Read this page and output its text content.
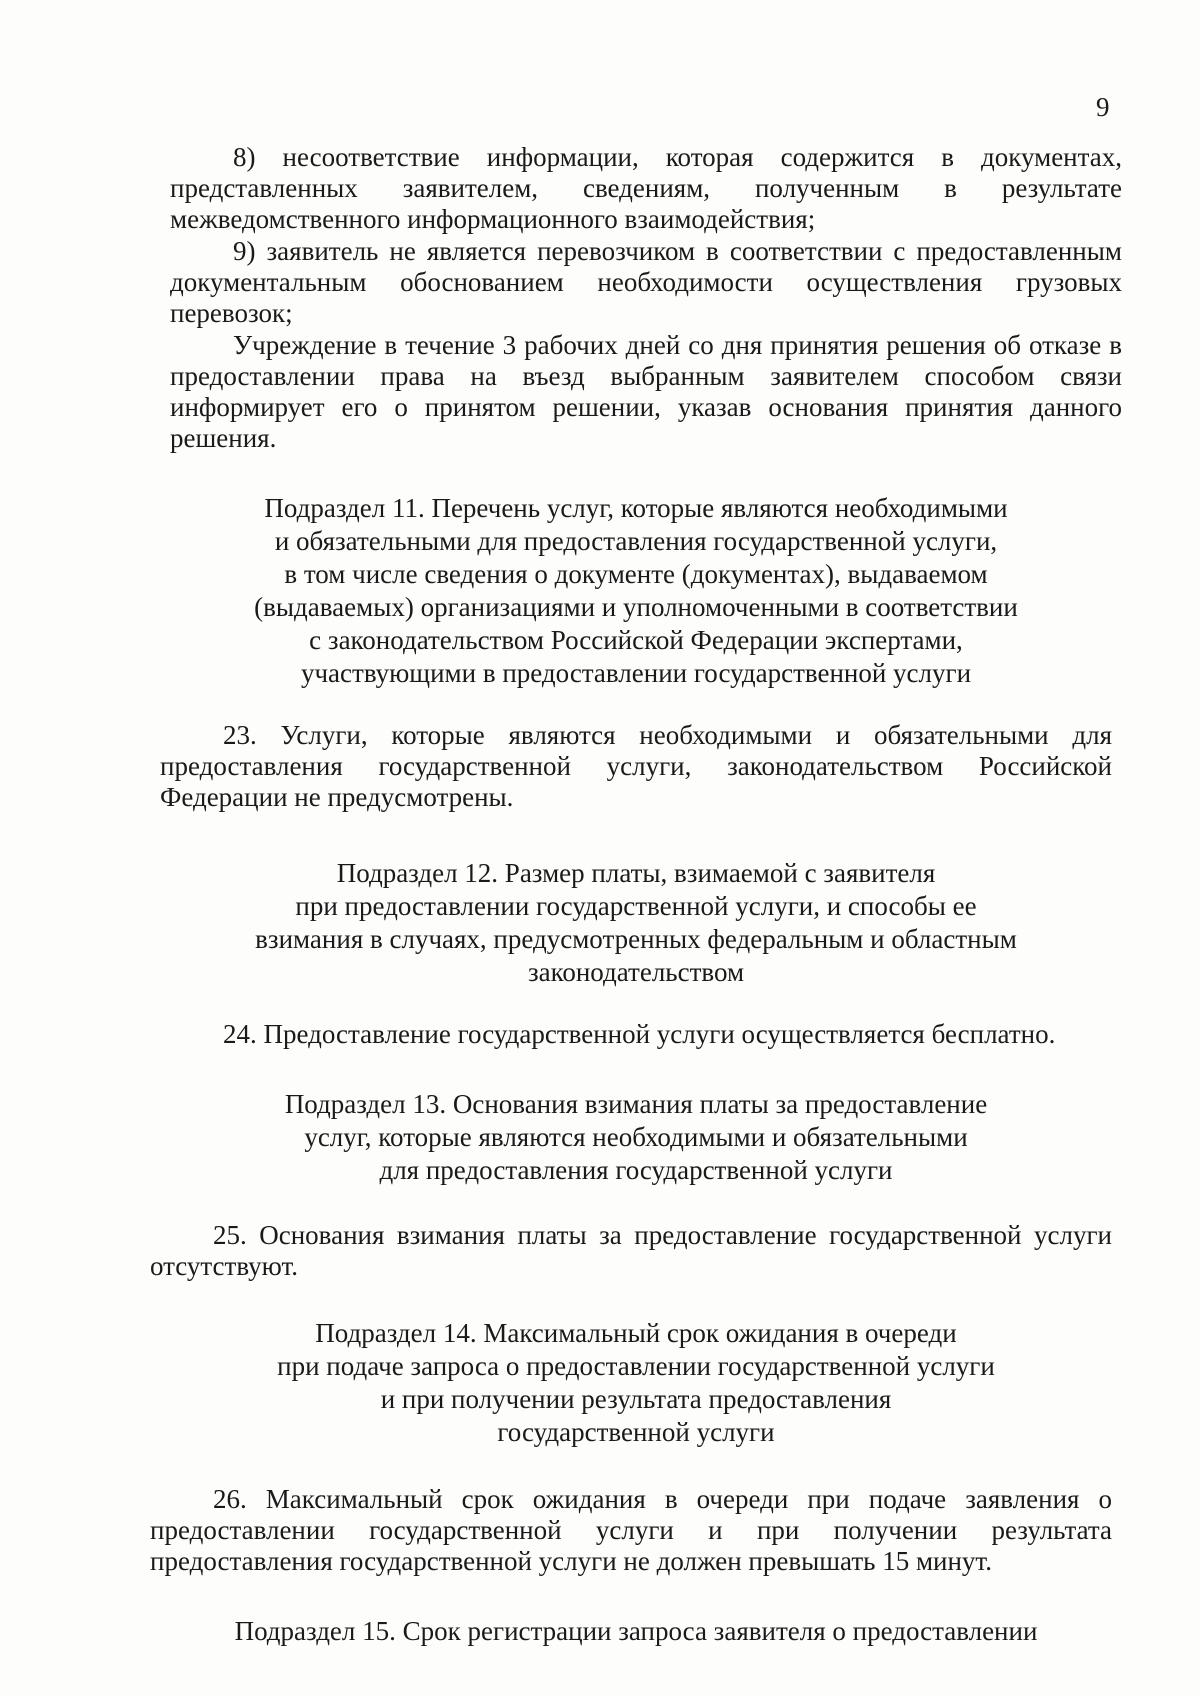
9

8) несоответствие информации, которая содержится в документах, представленных заявителем, сведениям, полученным в результате межведомственного информационного взаимодействия;

9) заявитель не является перевозчиком в соответствии с предоставленным документальным обоснованием необходимости осуществления грузовых перевозок;

Учреждение в течение 3 рабочих дней со дня принятия решения об отказе в предоставлении права на въезд выбранным заявителем способом связи информирует его о принятом решении, указав основания принятия данного решения.

Подраздел 11. Перечень услуг, которые являются необходимыми
и обязательными для предоставления государственной услуги,
в том числе сведения о документе (документах), выдаваемом
(выдаваемых) организациями и уполномоченными в соответствии
с законодательством Российской Федерации экспертами,
участвующими в предоставлении государственной услуги

23. Услуги, которые являются необходимыми и обязательными для предоставления государственной услуги, законодательством Российской Федерации не предусмотрены.

Подраздел 12. Размер платы, взимаемой с заявителя
при предоставлении государственной услуги, и способы ее
взимания в случаях, предусмотренных федеральным и областным
законодательством

24. Предоставление государственной услуги осуществляется бесплатно.

Подраздел 13. Основания взимания платы за предоставление
услуг, которые являются необходимыми и обязательными
для предоставления государственной услуги

25. Основания взимания платы за предоставление государственной услуги отсутствуют.

Подраздел 14. Максимальный срок ожидания в очереди
при подаче запроса о предоставлении государственной услуги
и при получении результата предоставления
государственной услуги

26. Максимальный срок ожидания в очереди при подаче заявления о предоставлении государственной услуги и при получении результата предоставления государственной услуги не должен превышать 15 минут.

Подраздел 15. Срок регистрации запроса заявителя о предоставлении
